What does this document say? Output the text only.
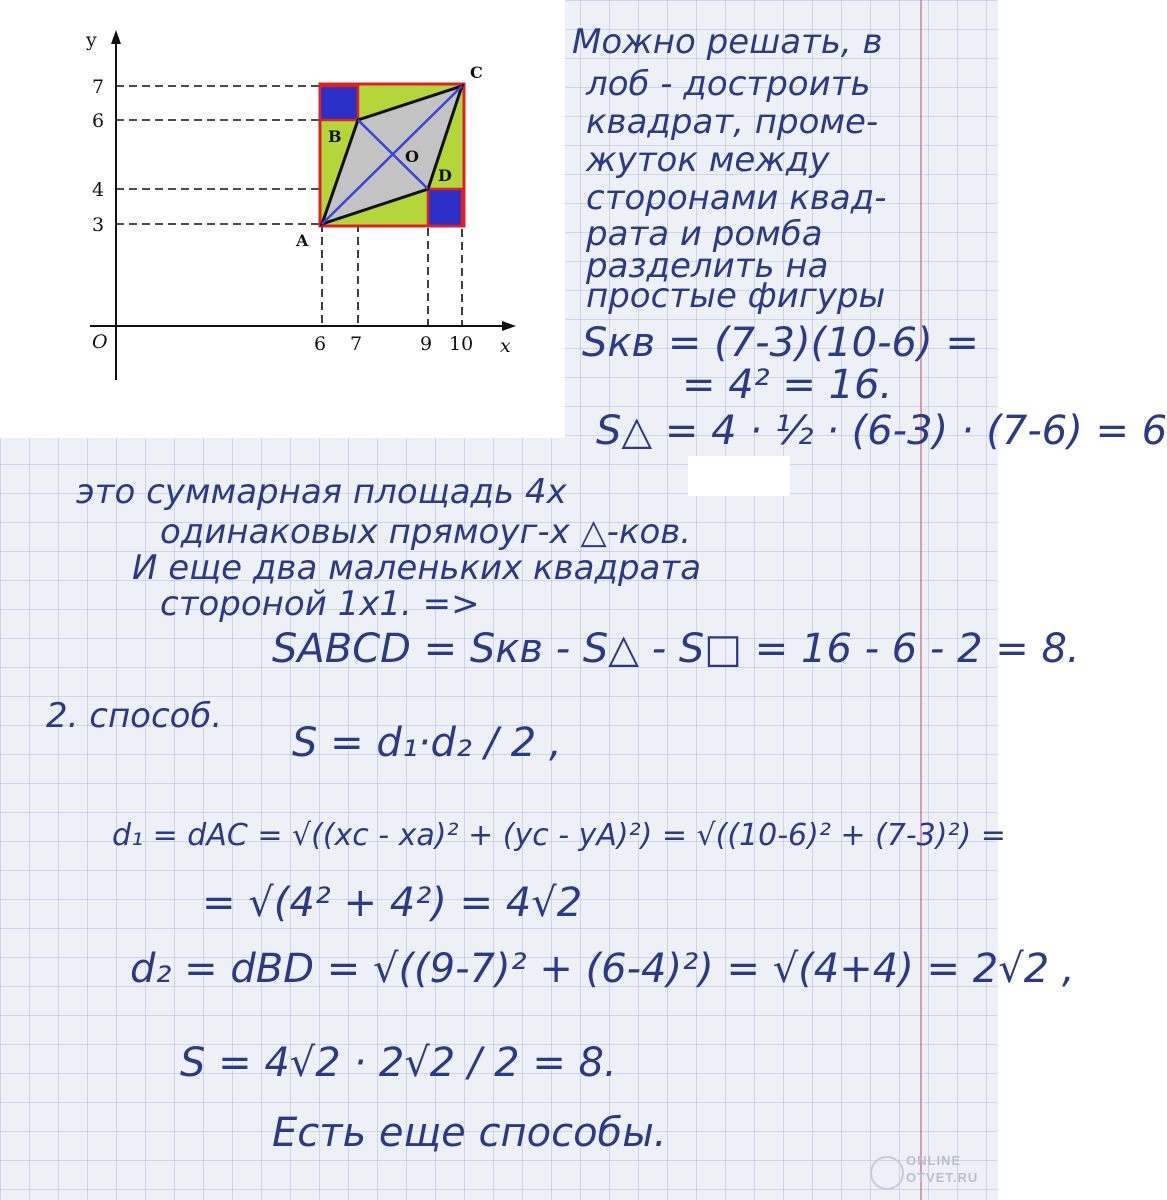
y
x
O
7
6
4
3
6 7	9 10
A
B
C
D
O

Можно решать, в

лоб - достроить

квадрат, проме-

жуток между

сторонами квад-

рата и ромба

разделить на

простые фигуры

Sкв = (7-3)(10-6) =

= 4² = 16.

S△ = 4 · ½ · (6-3) · (7-6) = 6

это суммарная площадь 4х

одинаковых прямоуг-х △-ков.

И еще два маленьких квадрата

стороной 1х1. =>

SABCD = Sкв - S△ - S□ = 16 - 6 - 2 = 8.

2. способ.

S = d₁·d₂ / 2 ,

d₁ = dAC = √((xc - xa)² + (yc - yA)²) = √((10-6)² + (7-3)²) =

= √(4² + 4²) = 4√2

d₂ = dBD = √((9-7)² + (6-4)²) = √(4+4) = 2√2 ,

S = 4√2 · 2√2 / 2 = 8.

Есть еще способы.

ONLINE
OTVET.RU
